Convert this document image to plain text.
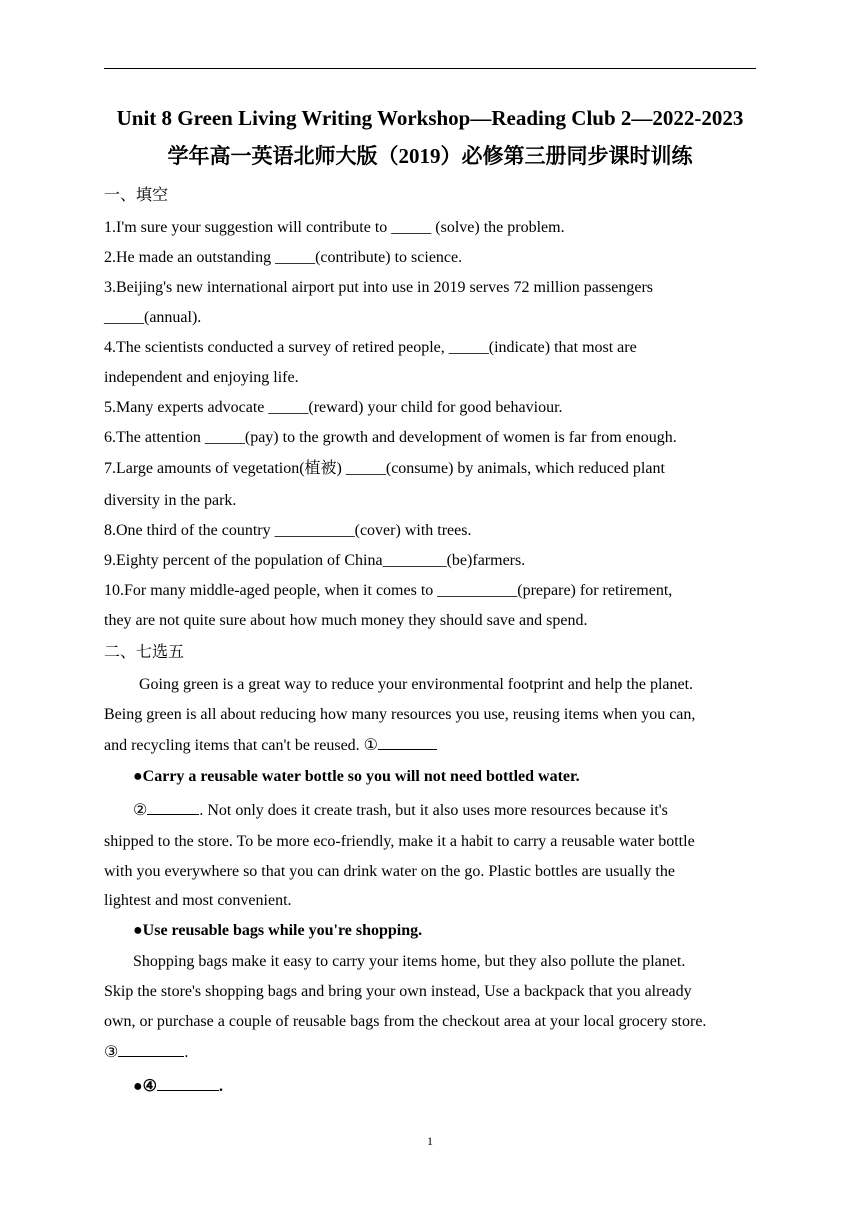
Unit 8 Green Living Writing Workshop—Reading Club 2—2022-2023
学年高一英语北师大版（2019）必修第三册同步课时训练
一、填空
1.I'm sure your suggestion will contribute to _____ (solve) the problem.
2.He made an outstanding _____(contribute) to science.
3.Beijing's new international airport put into use in 2019 serves 72 million passengers
_____(annual).
4.The scientists conducted a survey of retired people, _____(indicate) that most are
independent and enjoying life.
5.Many experts advocate _____(reward) your child for good behaviour.
6.The attention _____(pay) to the growth and development of women is far from enough.
7.Large amounts of vegetation(植被) _____(consume) by animals, which reduced plant
diversity in the park.
8.One third of the country __________(cover) with trees.
9.Eighty percent of the population of China________(be)farmers.
10.For many middle-aged people, when it comes to __________(prepare) for retirement,
they are not quite sure about how much money they should save and spend.
二、七选五
Going green is a great way to reduce your environmental footprint and help the planet.
Being green is all about reducing how many resources you use, reusing items when you can,
and recycling items that can't be reused. ①
●Carry a reusable water bottle so you will not need bottled water.
②	. Not only does it create trash, but it also uses more resources because it's
shipped to the store. To be more eco-friendly, make it a habit to carry a reusable water bottle
with you everywhere so that you can drink water on the go. Plastic bottles are usually the
lightest and most convenient.
●Use reusable bags while you're shopping.
Shopping bags make it easy to carry your items home, but they also pollute the planet.
Skip the store's shopping bags and bring your own instead, Use a backpack that you already
own, or purchase a couple of reusable bags from the checkout area at your local grocery store.
③	.
●④	.
1
